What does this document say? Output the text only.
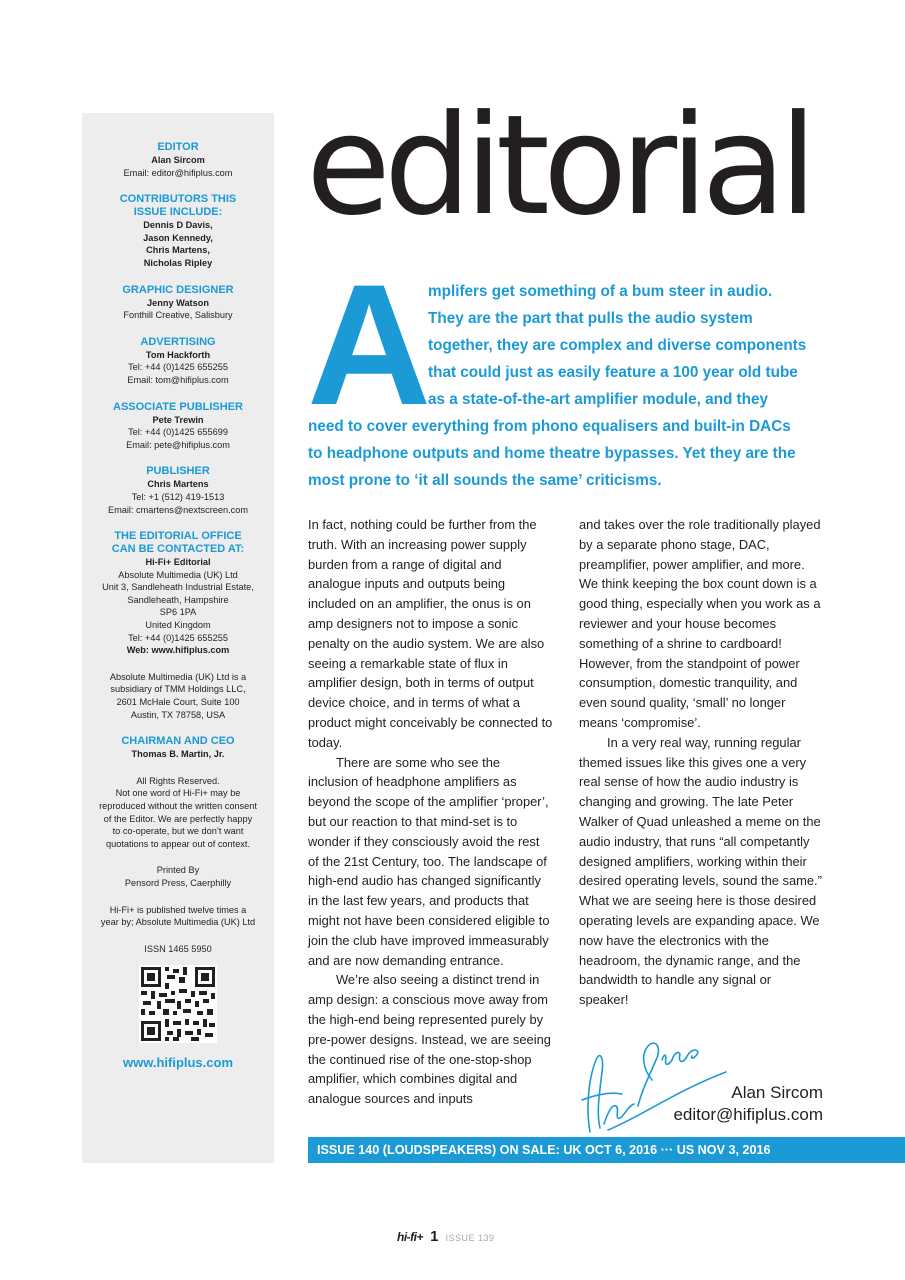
EDITOR
Alan Sircom
Email: editor@hifiplus.com
CONTRIBUTORS THIS
ISSUE INCLUDE:
Dennis D Davis,
Jason Kennedy,
Chris Martens,
Nicholas Ripley
GRAPHIC DESIGNER
Jenny Watson
Fonthill Creative, Salisbury
ADVERTISING
Tom Hackforth
Tel: +44 (0)1425 655255
Email: tom@hifiplus.com
ASSOCIATE PUBLISHER
Pete Trewin
Tel: +44 (0)1425 655699
Email: pete@hifiplus.com
PUBLISHER
Chris Martens
Tel: +1 (512) 419-1513
Email: cmartens@nextscreen.com
THE EDITORIAL OFFICE
CAN BE CONTACTED AT:
Hi-Fi+ Editorial
Absolute Multimedia (UK) Ltd
Unit 3, Sandleheath Industrial Estate,
Sandleheath, Hampshire
SP6 1PA
United Kingdom
Tel: +44 (0)1425 655255
Web: www.hifiplus.com
Absolute Multimedia (UK) Ltd is a
subsidiary of TMM Holdings LLC,
2601 McHale Court, Suite 100
Austin, TX 78758, USA
CHAIRMAN AND CEO
Thomas B. Martin, Jr.
All Rights Reserved.
Not one word of Hi-Fi+ may be
reproduced without the written consent
of the Editor. We are perfectly happy
to co-operate, but we don’t want
quotations to appear out of context.
Printed By
Pensord Press, Caerphilly
Hi-Fi+ is published twelve times a
year by; Absolute Multimedia (UK) Ltd
ISSN 1465 5950
www.hifiplus.com
editorial
A
mplifers get something of a bum steer in audio.
They are the part that pulls the audio system
together, they are complex and diverse components
that could just as easily feature a 100 year old tube
as a state-of-the-art amplifier module, and they
need to cover everything from phono equalisers and built-in DACs
to headphone outputs and home theatre bypasses. Yet they are the
most prone to ‘it all sounds the same’ criticisms.

In fact, nothing could be further from the truth. With an increasing power supply burden from a range of digital and analogue inputs and outputs being included on an amplifier, the onus is on amp designers not to impose a sonic penalty on the audio system. We are also seeing a remarkable state of flux in amplifier design, both in terms of output device choice, and in terms of what a product might conceivably be connected to today.

There are some who see the inclusion of headphone amplifiers as beyond the scope of the amplifier ‘proper’, but our reaction to that mind-set is to wonder if they consciously avoid the rest of the 21st Century, too. The landscape of high-end audio has changed significantly in the last few years, and products that might not have been considered eligible to join the club have improved immeasurably and are now demanding entrance.

We’re also seeing a distinct trend in amp design: a conscious move away from the high-end being represented purely by pre-power designs. Instead, we are seeing the continued rise of the one-stop-shop amplifier, which combines digital and analogue sources and inputs

and takes over the role traditionally played by a separate phono stage, DAC, preamplifier, power amplifier, and more. We think keeping the box count down is a good thing, especially when you work as a reviewer and your house becomes something of a shrine to cardboard! However, from the standpoint of power consumption, domestic tranquility, and even sound quality, ‘small’ no longer means ‘compromise’.

In a very real way, running regular themed issues like this gives one a very real sense of how the audio industry is changing and growing. The late Peter Walker of Quad unleashed a meme on the audio industry, that runs “all competantly designed amplifiers, working within their desired operating levels, sound the same.” What we are seeing here is those desired operating levels are expanding apace. We now have the electronics with the headroom, the dynamic range, and the bandwidth to handle any signal or speaker!

Alan Sircom
editor@hifiplus.com
ISSUE 140 (LOUDSPEAKERS) ON SALE: UK OCT 6, 2016 ··· US NOV 3, 2016
hi-fi+ 1 ISSUE 139
